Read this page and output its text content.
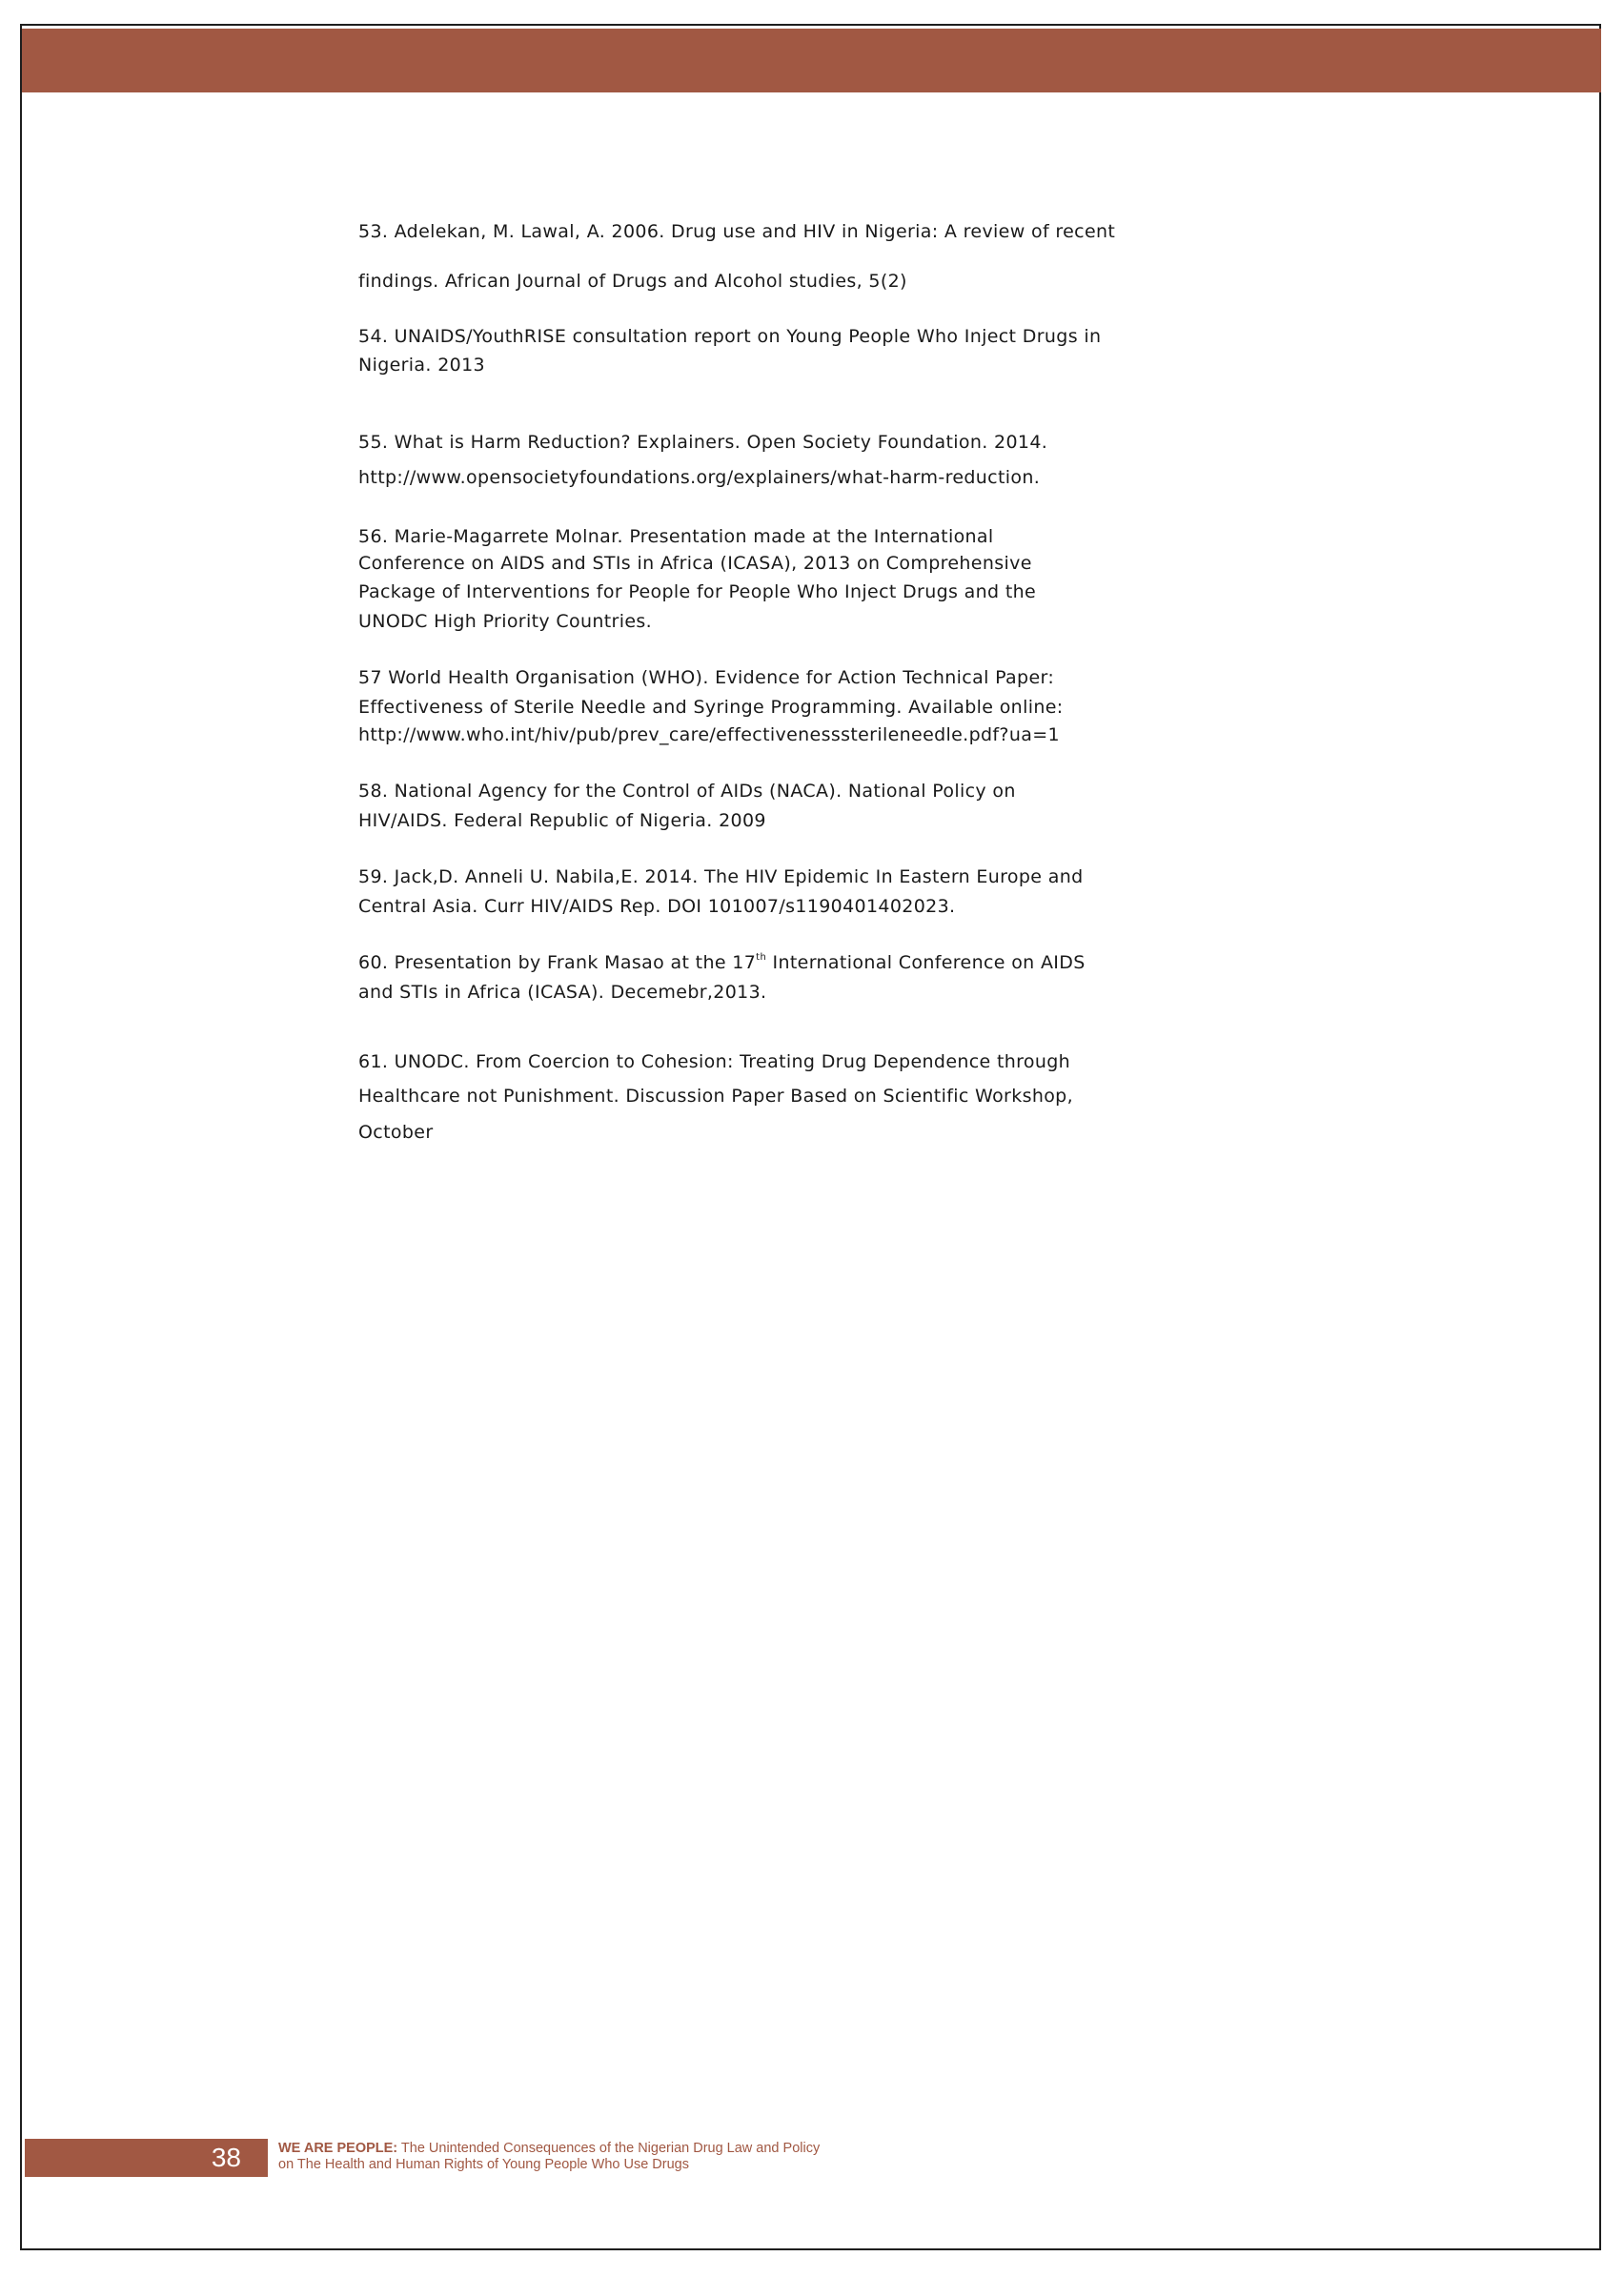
53. Adelekan, M. Lawal, A. 2006. Drug use and HIV in Nigeria: A review of recent
findings. African Journal of Drugs and Alcohol studies, 5(2)
54. UNAIDS/YouthRISE consultation report on Young People Who Inject Drugs in
Nigeria. 2013
55. What is Harm Reduction? Explainers. Open Society Foundation. 2014.
http://www.opensocietyfoundations.org/explainers/what-harm-reduction.
56. Marie-Magarrete Molnar. Presentation made at the International
Conference on AIDS and STIs in Africa (ICASA), 2013 on Comprehensive
Package of Interventions for People for People Who Inject Drugs and the
UNODC High Priority Countries.
57 World Health Organisation (WHO). Evidence for Action Technical Paper:
Effectiveness of Sterile Needle and Syringe Programming. Available online:
http://www.who.int/hiv/pub/prev_care/effectivenesssterileneedle.pdf?ua=1
58. National Agency for the Control of AIDs (NACA). National Policy on
HIV/AIDS. Federal Republic of Nigeria. 2009
59. Jack,D. Anneli U. Nabila,E. 2014. The HIV Epidemic In Eastern Europe and
Central Asia. Curr HIV/AIDS Rep. DOI 101007/s1190401402023.
60. Presentation by Frank Masao at the 17th International Conference on AIDS
and STIs in Africa (ICASA). Decemebr,2013.
61. UNODC. From Coercion to Cohesion: Treating Drug Dependence through
Healthcare not Punishment. Discussion Paper Based on Scientific Workshop,
October
38	WE ARE PEOPLE: The Unintended Consequences of the Nigerian Drug Law and Policy
on The Health and Human Rights of Young People Who Use Drugs
